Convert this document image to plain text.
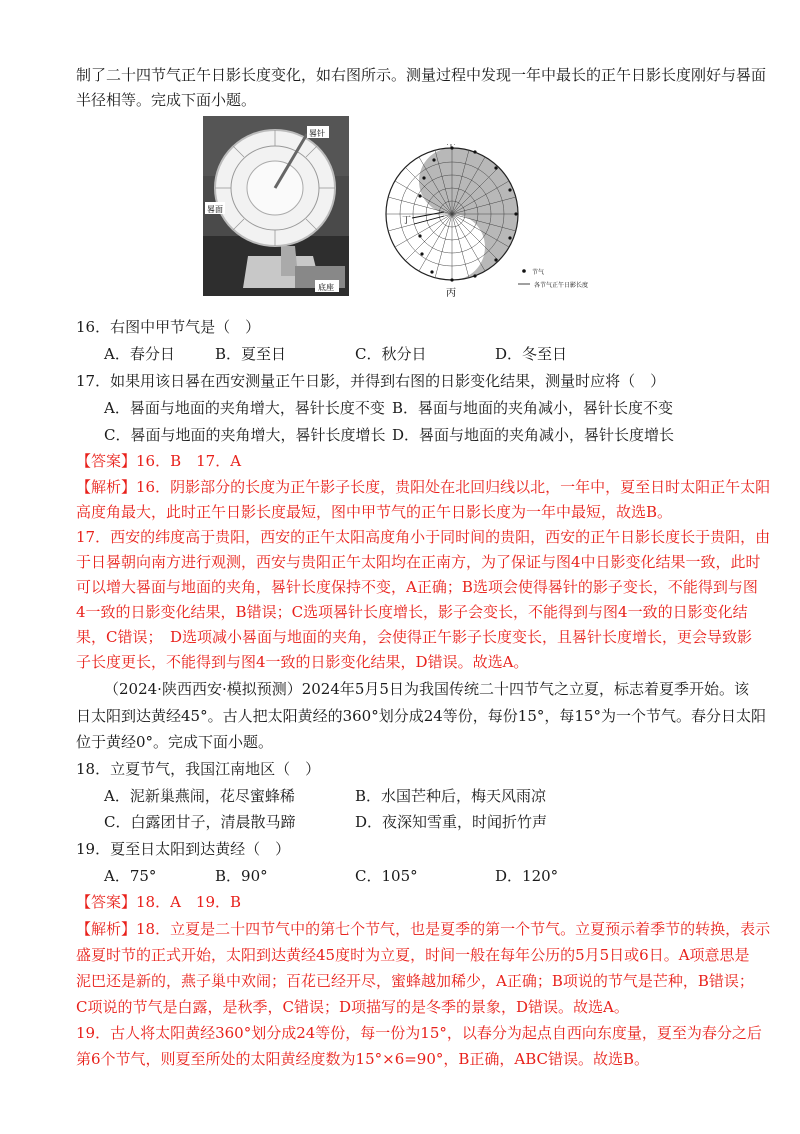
制了二十四节气正午日影长度变化，如右图所示。测量过程中发现一年中最长的正午日影长度刚好与晷面
半径相等。完成下面小题。
晷针
晷面
底座
甲
丙
丁
节气
各节气正午日影长度
16．右图中甲节气是（　）
A．春分日	B．夏至日	C．秋分日	D．冬至日
17．如果用该日晷在西安测量正午日影，并得到右图的日影变化结果，测量时应将（　）
A．晷面与地面的夹角增大，晷针长度不变 B．晷面与地面的夹角减小，晷针长度不变
C．晷面与地面的夹角增大，晷针长度增长 D．晷面与地面的夹角减小，晷针长度增长
【答案】16．B　17．A
【解析】16．阴影部分的长度为正午影子长度，贵阳处在北回归线以北，一年中，夏至日时太阳正午太阳
高度角最大，此时正午日影长度最短，图中甲节气的正午日影长度为一年中最短，故选B。
17．西安的纬度高于贵阳，西安的正午太阳高度角小于同时间的贵阳，西安的正午日影长度长于贵阳，由
于日晷朝向南方进行观测，西安与贵阳正午太阳均在正南方，为了保证与图4中日影变化结果一致，此时
可以增大晷面与地面的夹角，晷针长度保持不变，A正确；B选项会使得晷针的影子变长，不能得到与图
4一致的日影变化结果，B错误；C选项晷针长度增长，影子会变长，不能得到与图4一致的日影变化结
果，C错误；　D选项减小晷面与地面的夹角，会使得正午影子长度变长，且晷针长度增长，更会导致影
子长度更长，不能得到与图4一致的日影变化结果，D错误。故选A。
（2024·陕西西安·模拟预测）2024年5月5日为我国传统二十四节气之立夏，标志着夏季开始。该
日太阳到达黄经45°。古人把太阳黄经的360°划分成24等份，每份15°，每15°为一个节气。春分日太阳
位于黄经0°。完成下面小题。
18．立夏节气，我国江南地区（　）
A．泥新巢燕闹，花尽蜜蜂稀	B．水国芒种后，梅天风雨凉
C．白露团甘子，清晨散马蹄	D．夜深知雪重，时闻折竹声
19．夏至日太阳到达黄经（　）
A．75°	B．90°	C．105°	D．120°
【答案】18．A　19．B
【解析】18．立夏是二十四节气中的第七个节气，也是夏季的第一个节气。立夏预示着季节的转换，表示
盛夏时节的正式开始，太阳到达黄经45度时为立夏，时间一般在每年公历的5月5日或6日。A项意思是
泥巴还是新的，燕子巢中欢闹；百花已经开尽，蜜蜂越加稀少，A正确；B项说的节气是芒种，B错误；
C项说的节气是白露，是秋季，C错误；D项描写的是冬季的景象，D错误。故选A。
19．古人将太阳黄经360°划分成24等份，每一份为15°，以春分为起点自西向东度量，夏至为春分之后
第6个节气，则夏至所处的太阳黄经度数为15°×6=90°，B正确，ABC错误。故选B。
